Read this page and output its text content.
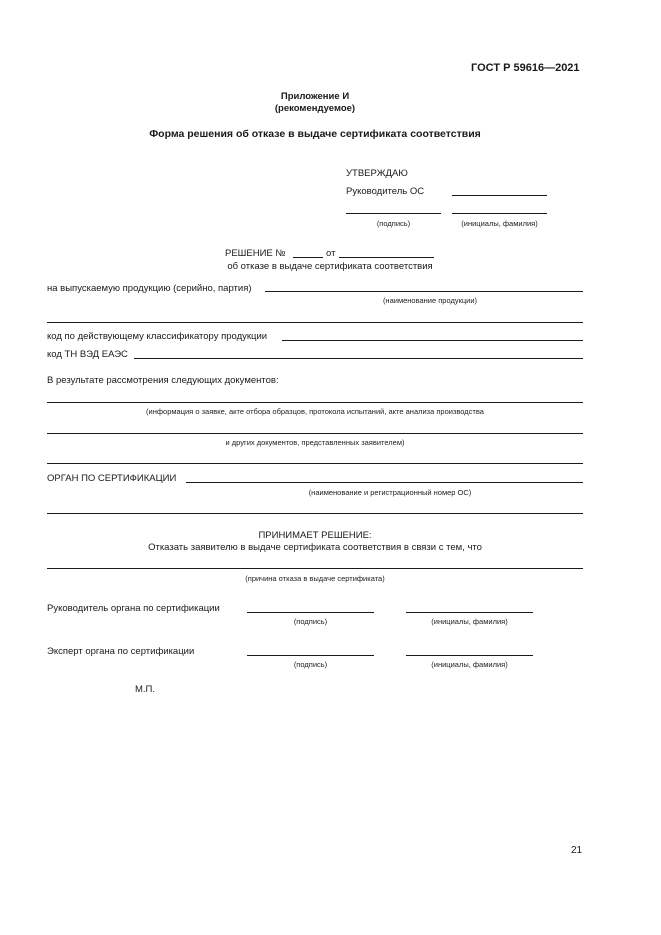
ГОСТ Р 59616—2021
Приложение И
(рекомендуемое)
Форма решения об отказе в выдаче сертификата соответствия
УТВЕРЖДАЮ
Руководитель ОС
(подпись)	(инициалы, фамилия)
РЕШЕНИЕ №	от
об отказе в выдаче сертификата соответствия
на выпускаемую продукцию (серийно, партия)
(наименование продукции)
код по действующему классификатору продукции
код ТН ВЭД ЕАЭС
В результате рассмотрения следующих документов:
(информация о заявке, акте отбора образцов, протокола испытаний, акте анализа производства
и других документов, представленных заявителем)
ОРГАН ПО СЕРТИФИКАЦИИ
(наименование и регистрационный номер ОС)
ПРИНИМАЕТ РЕШЕНИЕ:
Отказать заявителю в выдаче сертификата соответствия в связи с тем, что
(причина отказа в выдаче сертификата)
Руководитель органа по сертификации
(подпись)	(инициалы, фамилия)
Эксперт органа по сертификации
(подпись)	(инициалы, фамилия)
М.П.
21
